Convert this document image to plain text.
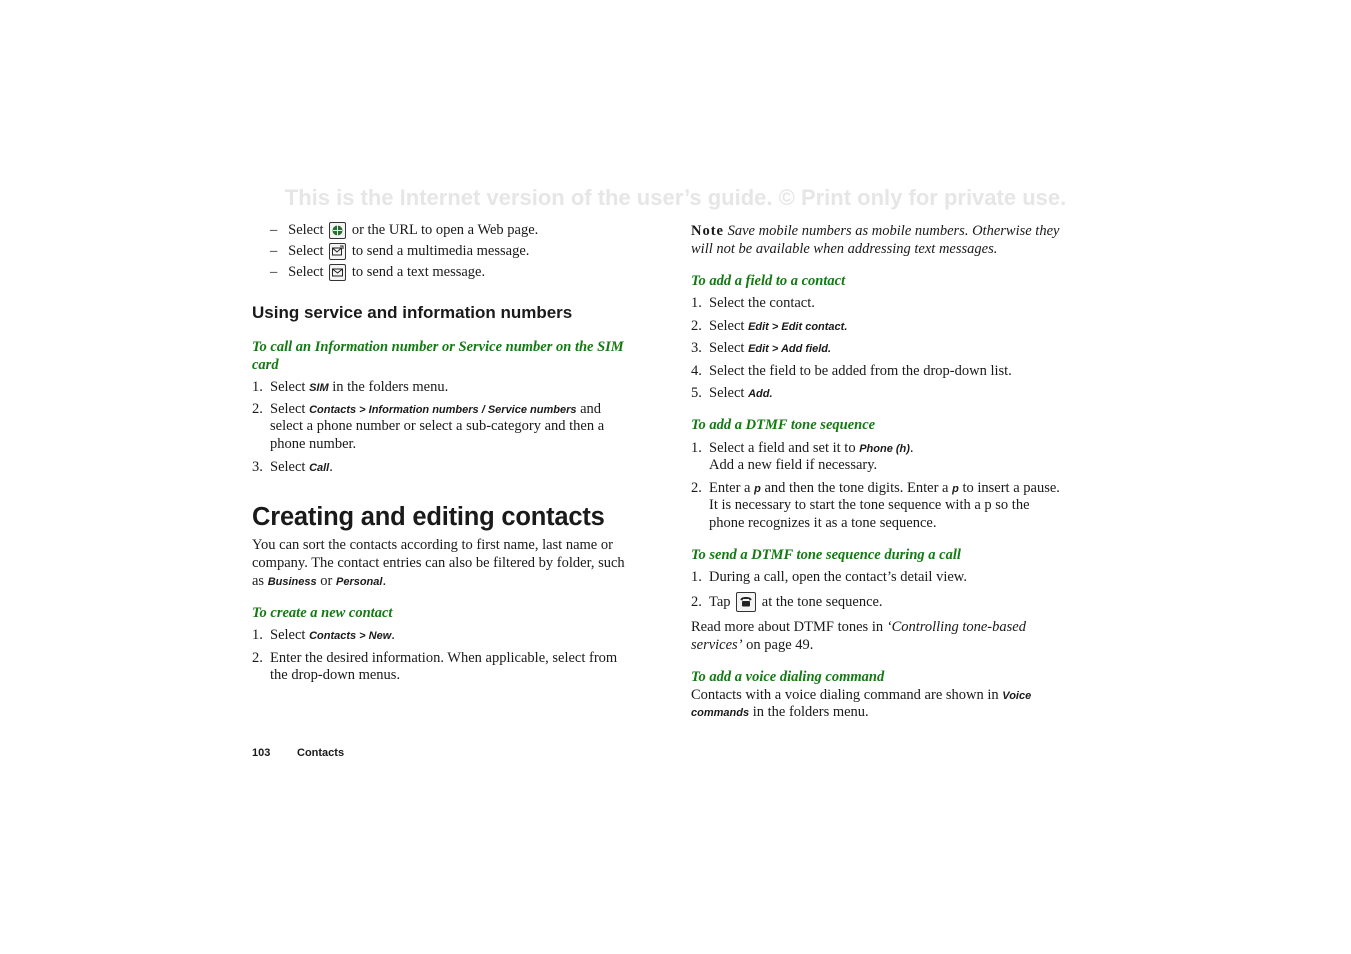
This is the Internet version of the user’s guide. © Print only for private use.
–   Select or the URL to open a Web page.
–   Select to send a multimedia message.
–   Select to send a text message.
Using service and information numbers
To call an Information number or Service number on the SIM card
1. Select SIM in the folders menu.
2. Select Contacts > Information numbers / Service numbers and
select a phone number or select a sub-category and then a
phone number.
3. Select Call.
Creating and editing contacts
You can sort the contacts according to first name, last name or
company. The contact entries can also be filtered by folder, such
as Business or Personal.
To create a new contact
1. Select Contacts > New.
2. Enter the desired information. When applicable, select from
the drop-down menus.
Note Save mobile numbers as mobile numbers. Otherwise they
will not be available when addressing text messages.
To add a field to a contact
1. Select the contact.
2. Select Edit > Edit contact.
3. Select Edit > Add field.
4. Select the field to be added from the drop-down list.
5. Select Add.
To add a DTMF tone sequence
1. Select a field and set it to Phone (h).
Add a new field if necessary.
2. Enter a p and then the tone digits. Enter a p to insert a pause.
It is necessary to start the tone sequence with a p so the
phone recognizes it as a tone sequence.
To send a DTMF tone sequence during a call
1. During a call, open the contact’s detail view.
2. Tap at the tone sequence.
Read more about DTMF tones in ‘Controlling tone-based
services’ on page 49.
To add a voice dialing command
Contacts with a voice dialing command are shown in Voice
commands in the folders menu.
103 Contacts
